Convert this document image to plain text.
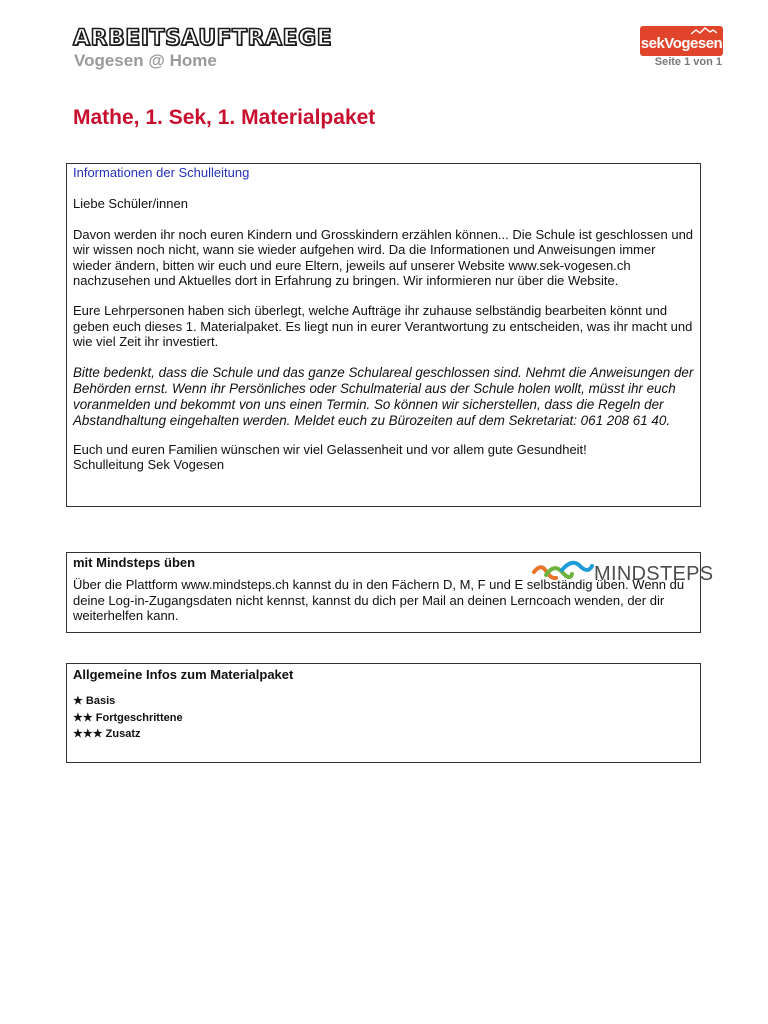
ARBEITSAUFTRAEGE
Vogesen @ Home
sekVogesen
Seite 1 von 1
Mathe, 1. Sek, 1. Materialpaket

Informationen der Schulleitung

Liebe Schüler/innen

Davon werden ihr noch euren Kindern und Grosskindern erzählen können... Die Schule ist geschlossen und wir wissen noch nicht, wann sie wieder aufgehen wird. Da die Informationen und Anweisungen immer wieder ändern, bitten wir euch und eure Eltern, jeweils auf unserer Website www.sek-vogesen.ch nachzusehen und Aktuelles dort in Erfahrung zu bringen. Wir informieren nur über die Website.

Eure Lehrpersonen haben sich überlegt, welche Aufträge ihr zuhause selbständig bearbeiten könnt und geben euch dieses 1. Materialpaket. Es liegt nun in eurer Verantwortung zu entscheiden, was ihr macht und wie viel Zeit ihr investiert.

Bitte bedenkt, dass die Schule und das ganze Schulareal geschlossen sind. Nehmt die Anweisungen der Behörden ernst. Wenn ihr Persönliches oder Schulmaterial aus der Schule holen wollt, müsst ihr euch voranmelden und bekommt von uns einen Termin. So können wir sicherstellen, dass die Regeln der Abstandhaltung eingehalten werden. Meldet euch zu Bürozeiten auf dem Sekretariat: 061 208 61 40.

Euch und euren Familien wünschen wir viel Gelassenheit und vor allem gute Gesundheit!

Schulleitung Sek Vogesen

mit Mindsteps üben

MINDSTEPS

Über die Plattform www.mindsteps.ch kannst du in den Fächern D, M, F und E selbständig üben. Wenn du deine Log-in-Zugangsdaten nicht kennst, kannst du dich per Mail an deinen Lerncoach wenden, der dir weiterhelfen kann.

Allgemeine Infos zum Materialpaket

★ Basis

★★ Fortgeschrittene

★★★ Zusatz
